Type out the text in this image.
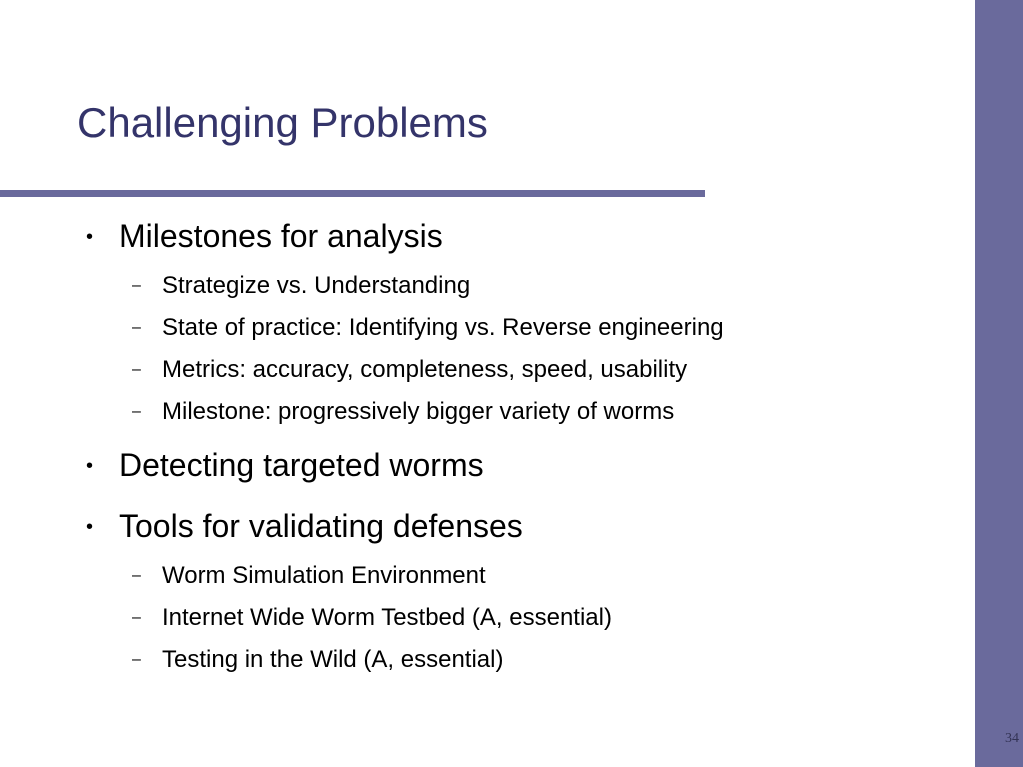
34
Challenging Problems
• Milestones for analysis
– Strategize vs. Understanding
– State of practice: Identifying vs. Reverse engineering
– Metrics: accuracy, completeness, speed, usability
– Milestone: progressively bigger variety of worms
• Detecting targeted worms
• Tools for validating defenses
– Worm Simulation Environment
– Internet Wide Worm Testbed (A, essential)
– Testing in the Wild (A, essential)
